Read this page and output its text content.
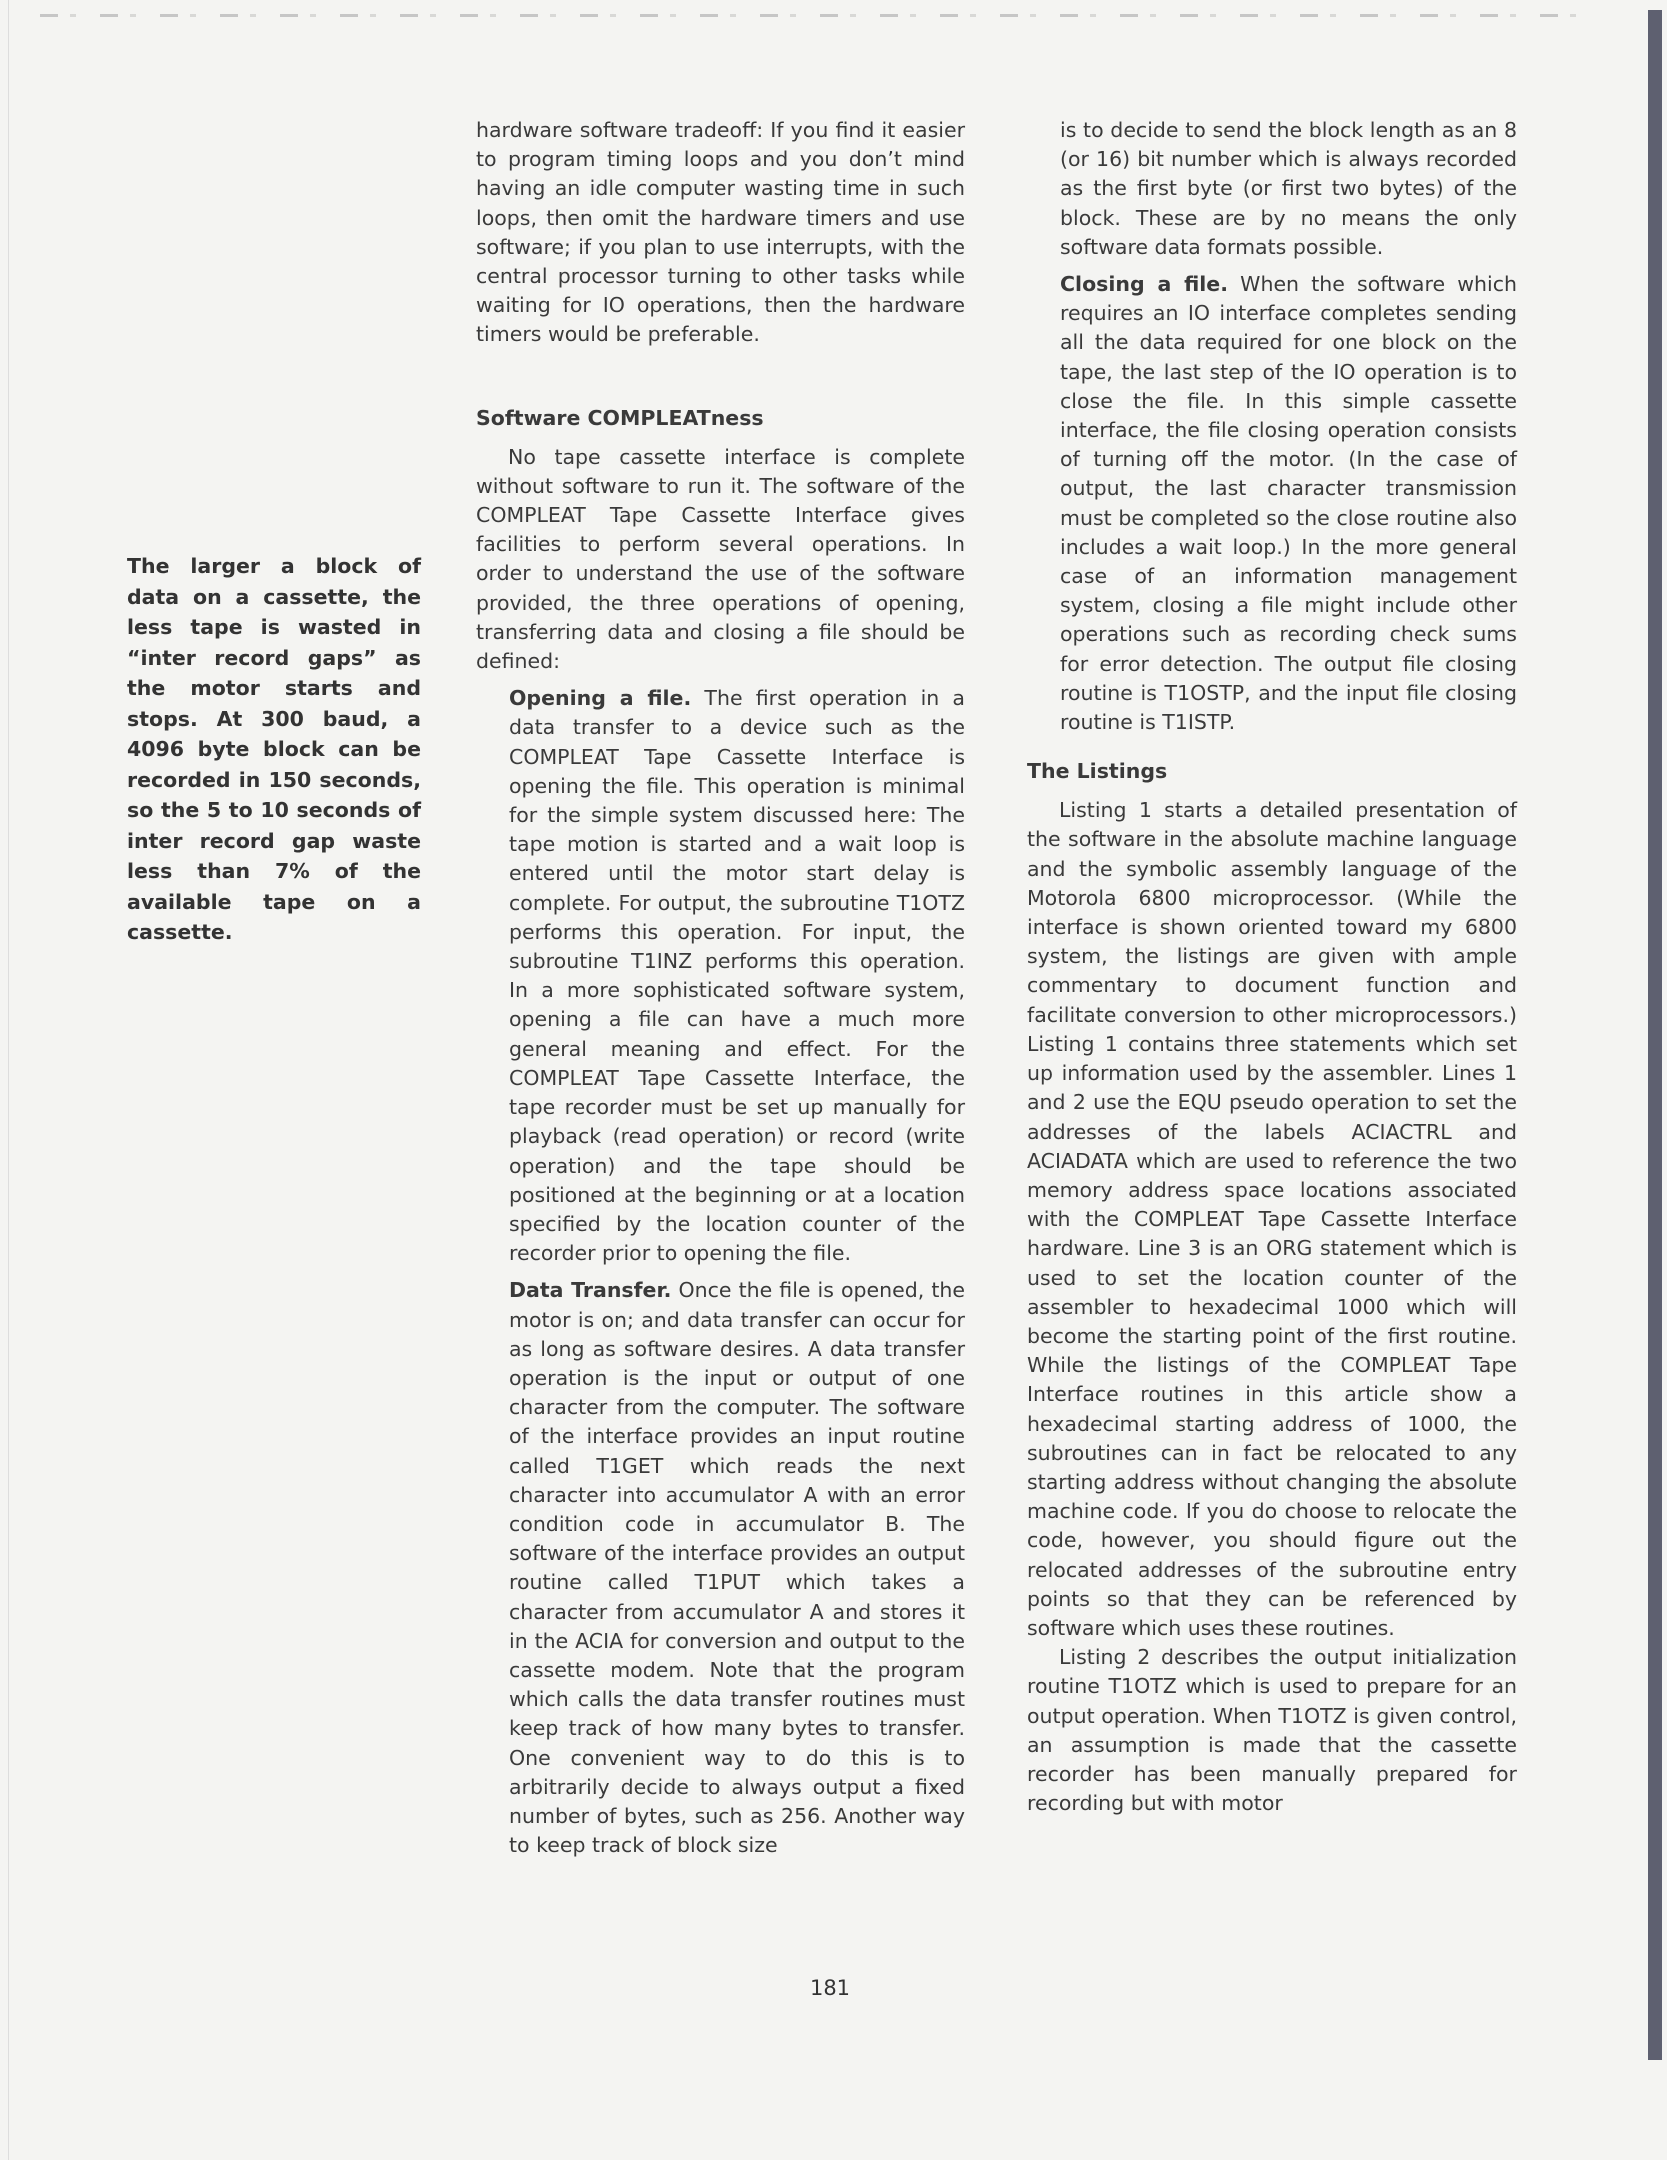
The larger a block of data on a cassette, the less tape is wasted in “inter record gaps” as the motor starts and stops. At 300 baud, a 4096 byte block can be recorded in 150 seconds, so the 5 to 10 seconds of inter record gap waste less than 7% of the available tape on a cassette.

hardware software tradeoff: If you find it easier to program timing loops and you don’t mind having an idle computer wasting time in such loops, then omit the hardware timers and use software; if you plan to use interrupts, with the central processor turning to other tasks while waiting for IO operations, then the hardware timers would be preferable.

Software COMPLEATness

No tape cassette interface is complete without software to run it. The software of the COMPLEAT Tape Cassette Interface gives facilities to perform several operations. In order to understand the use of the software provided, the three operations of opening, transferring data and closing a file should be defined:

Opening a file. The first operation in a data transfer to a device such as the COMPLEAT Tape Cassette Interface is opening the file. This operation is minimal for the simple system discussed here: The tape motion is started and a wait loop is entered until the motor start delay is complete. For output, the subroutine T1OTZ performs this operation. For input, the subroutine T1INZ performs this operation. In a more sophisticated software system, opening a file can have a much more general meaning and effect. For the COMPLEAT Tape Cassette Interface, the tape recorder must be set up manually for playback (read operation) or record (write operation) and the tape should be positioned at the beginning or at a location specified by the location counter of the recorder prior to opening the file.

Data Transfer. Once the file is opened, the motor is on; and data transfer can occur for as long as software desires. A data transfer operation is the input or output of one character from the computer. The software of the interface provides an input routine called T1GET which reads the next character into accumulator A with an error condition code in accumulator B. The software of the interface provides an output routine called T1PUT which takes a character from accumulator A and stores it in the ACIA for conversion and output to the cassette modem. Note that the program which calls the data transfer routines must keep track of how many bytes to transfer. One convenient way to do this is to arbitrarily decide to always output a fixed number of bytes, such as 256. Another way to keep track of block size

is to decide to send the block length as an 8 (or 16) bit number which is always recorded as the first byte (or first two bytes) of the block. These are by no means the only software data formats possible.

Closing a file. When the software which requires an IO interface completes sending all the data required for one block on the tape, the last step of the IO operation is to close the file. In this simple cassette interface, the file closing operation consists of turning off the motor. (In the case of output, the last character transmission must be completed so the close routine also includes a wait loop.) In the more general case of an information management system, closing a file might include other operations such as recording check sums for error detection. The output file closing routine is T1OSTP, and the input file closing routine is T1ISTP.

The Listings

Listing 1 starts a detailed presentation of the software in the absolute machine language and the symbolic assembly language of the Motorola 6800 microprocessor. (While the interface is shown oriented toward my 6800 system, the listings are given with ample commentary to document function and facilitate conversion to other microprocessors.) Listing 1 contains three statements which set up information used by the assembler. Lines 1 and 2 use the EQU pseudo operation to set the addresses of the labels ACIACTRL and ACIADATA which are used to reference the two memory address space locations associated with the COMPLEAT Tape Cassette Interface hardware. Line 3 is an ORG statement which is used to set the location counter of the assembler to hexadecimal 1000 which will become the starting point of the first routine. While the listings of the COMPLEAT Tape Interface routines in this article show a hexadecimal starting address of 1000, the subroutines can in fact be relocated to any starting address without changing the absolute machine code. If you do choose to relocate the code, however, you should figure out the relocated addresses of the subroutine entry points so that they can be referenced by software which uses these routines.

Listing 2 describes the output initialization routine T1OTZ which is used to prepare for an output operation. When T1OTZ is given control, an assumption is made that the cassette recorder has been manually prepared for recording but with motor

181
